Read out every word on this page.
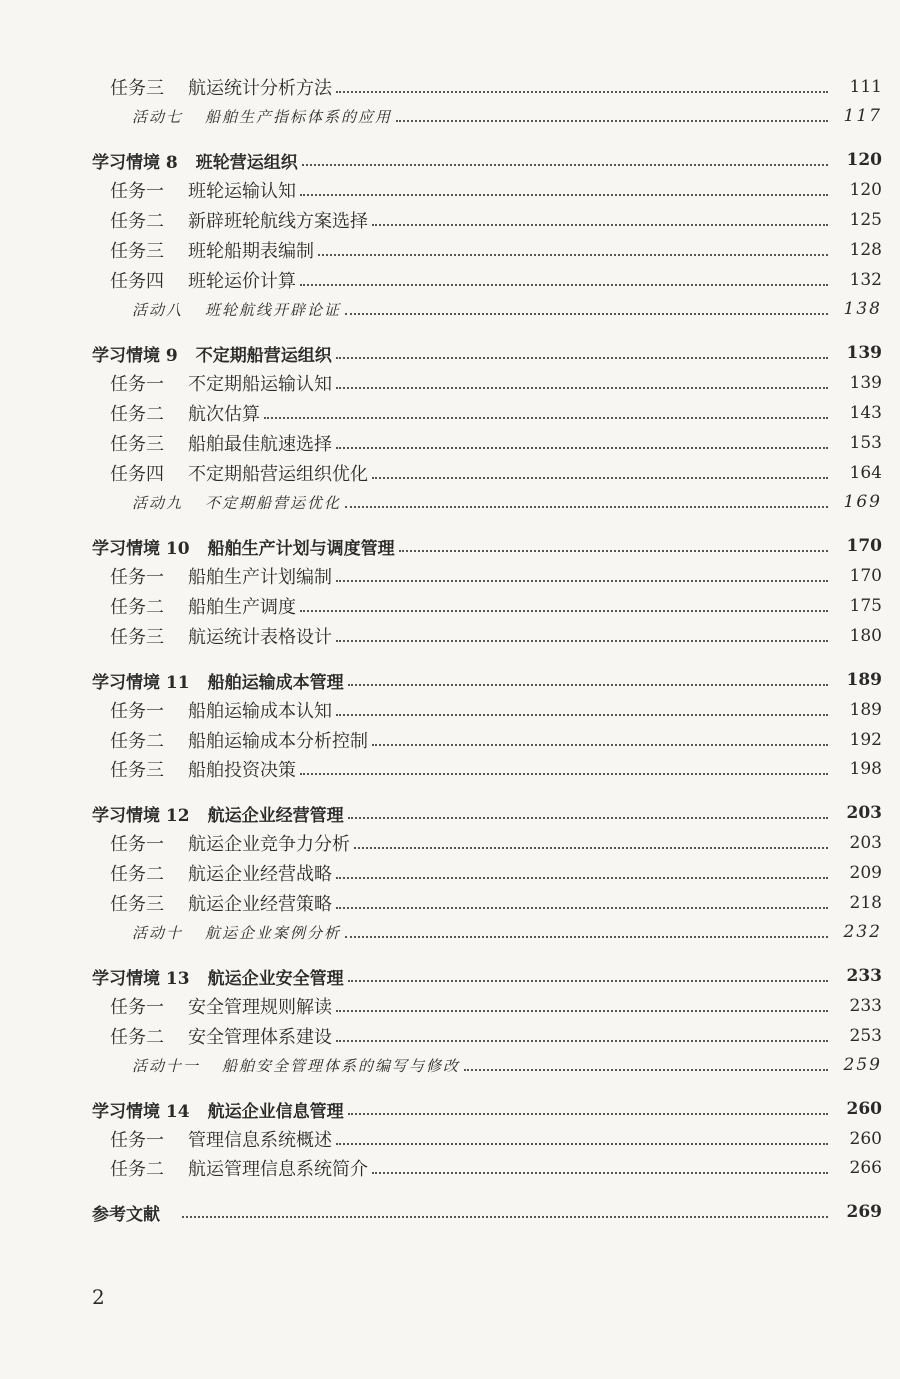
任务三 航运统计分析方法	111
活动七 船舶生产指标体系的应用	117
学习情境 8 班轮营运组织	120
任务一 班轮运输认知	120
任务二 新辟班轮航线方案选择	125
任务三 班轮船期表编制	128
任务四 班轮运价计算	132
活动八 班轮航线开辟论证	138
学习情境 9 不定期船营运组织	139
任务一 不定期船运输认知	139
任务二 航次估算	143
任务三 船舶最佳航速选择	153
任务四 不定期船营运组织优化	164
活动九 不定期船营运优化	169
学习情境 10 船舶生产计划与调度管理	170
任务一 船舶生产计划编制	170
任务二 船舶生产调度	175
任务三 航运统计表格设计	180
学习情境 11 船舶运输成本管理	189
任务一 船舶运输成本认知	189
任务二 船舶运输成本分析控制	192
任务三 船舶投资决策	198
学习情境 12 航运企业经营管理	203
任务一 航运企业竞争力分析	203
任务二 航运企业经营战略	209
任务三 航运企业经营策略	218
活动十 航运企业案例分析	232
学习情境 13 航运企业安全管理	233
任务一 安全管理规则解读	233
任务二 安全管理体系建设	253
活动十一 船舶安全管理体系的编写与修改	259
学习情境 14 航运企业信息管理	260
任务一 管理信息系统概述	260
任务二 航运管理信息系统简介	266
参考文献	269
2
